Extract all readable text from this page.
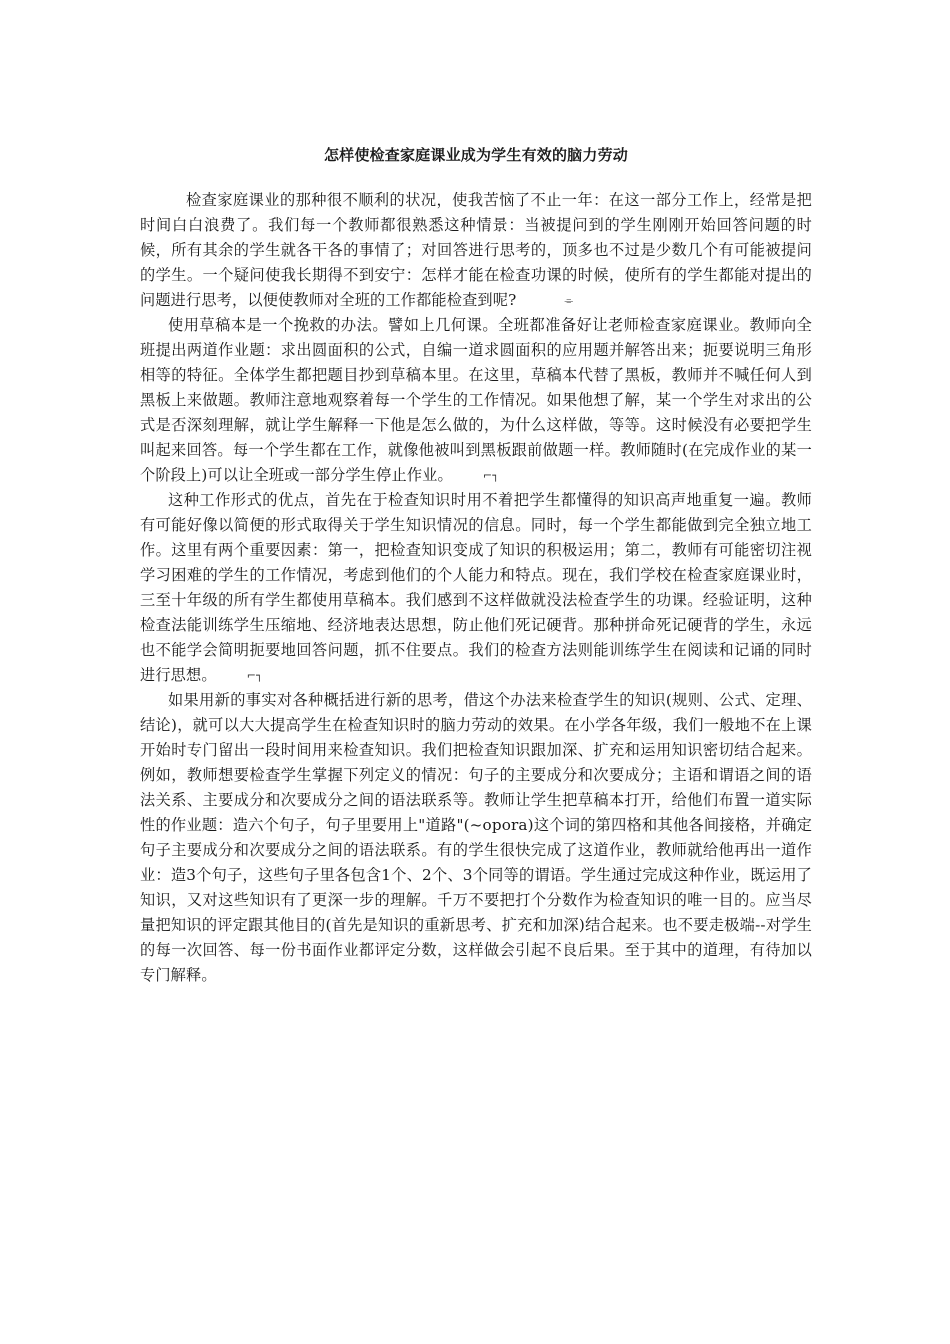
怎样使检查家庭课业成为学生有效的脑力劳动

检查家庭课业的那种很不顺利的状况，使我苦恼了不止一年：在这一部分工作上，经常是把时间白白浪费了。我们每一个教师都很熟悉这种情景：当被提问到的学生刚刚开始回答问题的时候，所有其余的学生就各干各的事情了；对回答进行思考的，顶多也不过是少数几个有可能被提问的学生。一个疑问使我长期得不到安宁：怎样才能在检查功课的时候，使所有的学生都能对提出的问题进行思考，以便使教师对全班的工作都能检查到呢?	⌯

使用草稿本是一个挽救的办法。譬如上几何课。全班都准备好让老师检查家庭课业。教师向全班提出两道作业题：求出圆面积的公式，自编一道求圆面积的应用题并解答出来；扼要说明三角形相等的特征。全体学生都把题目抄到草稿本里。在这里，草稿本代替了黑板，教师并不喊任何人到黑板上来做题。教师注意地观察着每一个学生的工作情况。如果他想了解，某一个学生对求出的公式是否深刻理解，就让学生解释一下他是怎么做的，为什么这样做，等等。这时候没有必要把学生叫起来回答。每一个学生都在工作，就像他被叫到黑板跟前做题一样。教师随时(在完成作业的某一个阶段上)可以让全班或一部分学生停止作业。	⌐┐

这种工作形式的优点，首先在于检查知识时用不着把学生都懂得的知识高声地重复一遍。教师有可能好像以简便的形式取得关于学生知识情况的信息。同时，每一个学生都能做到完全独立地工作。这里有两个重要因素：第一，把检查知识变成了知识的积极运用；第二，教师有可能密切注视学习困难的学生的工作情况，考虑到他们的个人能力和特点。现在，我们学校在检查家庭课业时，三至十年级的所有学生都使用草稿本。我们感到不这样做就没法检查学生的功课。经验证明，这种检查法能训练学生压缩地、经济地表达思想，防止他们死记硬背。那种拼命死记硬背的学生，永远也不能学会简明扼要地回答问题，抓不住要点。我们的检查方法则能训练学生在阅读和记诵的同时进行思想。	⌐┐

如果用新的事实对各种概括进行新的思考，借这个办法来检查学生的知识(规则、公式、定理、结论)，就可以大大提高学生在检查知识时的脑力劳动的效果。在小学各年级，我们一般地不在上课开始时专门留出一段时间用来检查知识。我们把检查知识跟加深、扩充和运用知识密切结合起来。例如，教师想要检查学生掌握下列定义的情况：句子的主要成分和次要成分；主语和谓语之间的语法关系、主要成分和次要成分之间的语法联系等。教师让学生把草稿本打开，给他们布置一道实际性的作业题：造六个句子，句子里要用上"道路"(~opora)这个词的第四格和其他各间接格，并确定句子主要成分和次要成分之间的语法联系。有的学生很快完成了这道作业，教师就给他再出一道作业：造3个句子，这些句子里各包含1个、2个、3个同等的谓语。学生通过完成这种作业，既运用了知识，又对这些知识有了更深一步的理解。千万不要把打个分数作为检查知识的唯一目的。应当尽量把知识的评定跟其他目的(首先是知识的重新思考、扩充和加深)结合起来。也不要走极端--对学生的每一次回答、每一份书面作业都评定分数，这样做会引起不良后果。至于其中的道理，有待加以专门解释。
